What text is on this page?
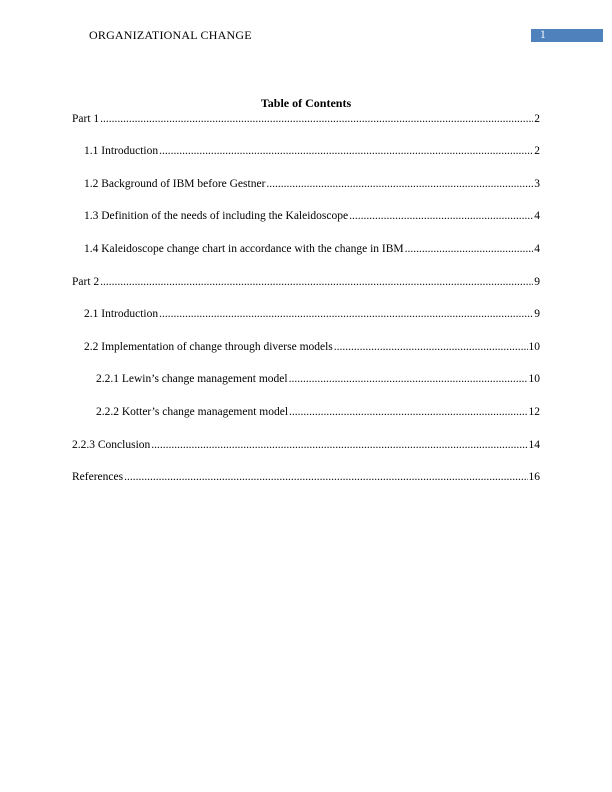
ORGANIZATIONAL CHANGE	1
Table of Contents
Part 1 .....	2
1.1 Introduction .....	2
1.2 Background of IBM before Gestner .....	3
1.3 Definition of the needs of including the Kaleidoscope .....	4
1.4 Kaleidoscope change chart in accordance with the change in IBM .....	4
Part 2 .....	9
2.1 Introduction .....	9
2.2 Implementation of change through diverse models .....	10
2.2.1 Lewin’s change management model .....	10
2.2.2 Kotter’s change management model .....	12
2.2.3 Conclusion .....	14
References .....	16
